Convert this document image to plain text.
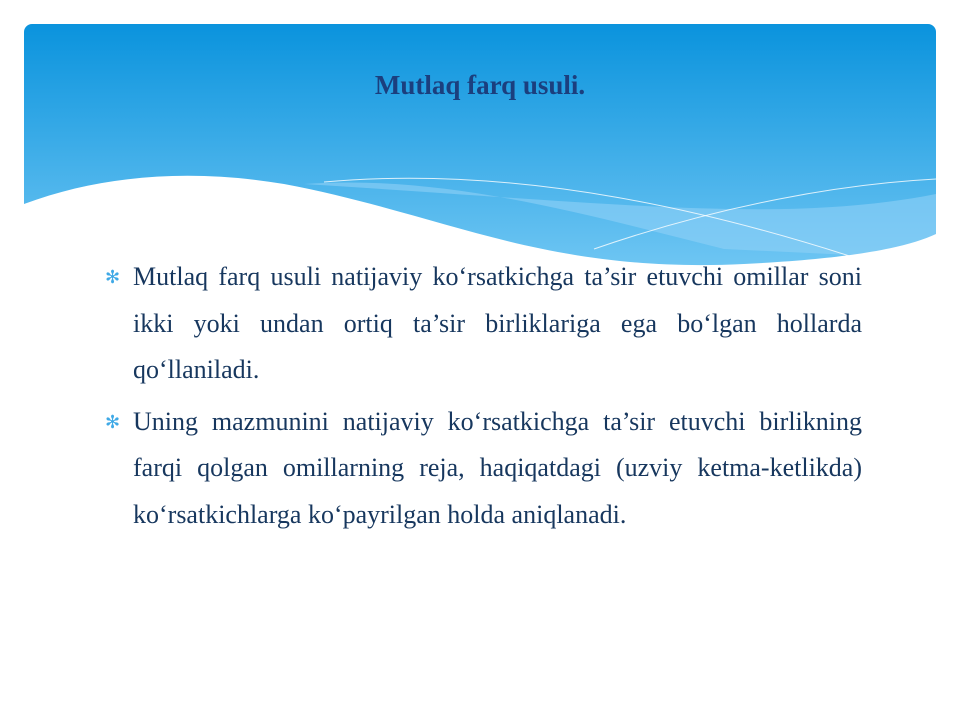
Mutlaq farq usuli.
✻ Mutlaq farq usuli natijaviy ko‘rsatkichga ta’sir etuvchi omillar soni ikki yoki undan ortiq ta’sir birliklariga ega bo‘lgan hollarda qo‘llaniladi.
✻ Uning mazmunini natijaviy ko‘rsatkichga ta’sir etuvchi birlikning farqi qolgan omillarning reja, haqiqatdagi (uzviy ketma-ketlikda) ko‘rsatkichlarga ko‘payrilgan holda aniqlanadi.
